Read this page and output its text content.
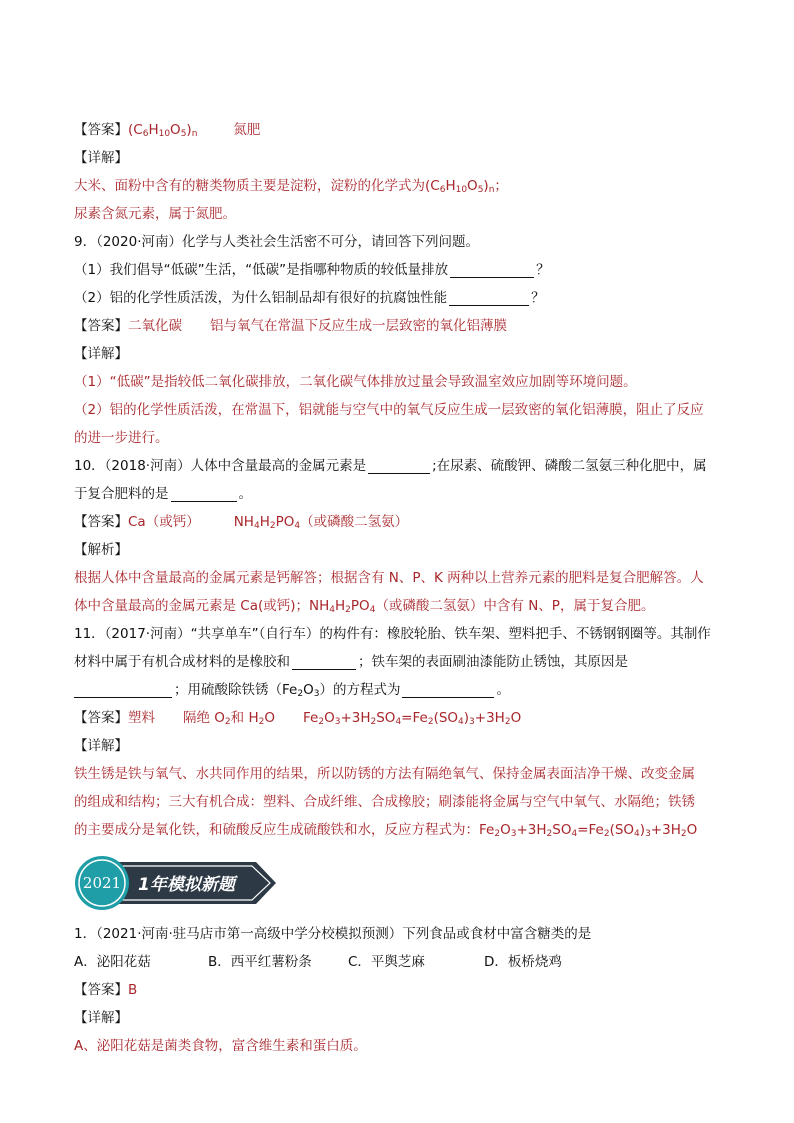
【答案】$(C_6H_{10}O_5)_n$	氮肥
【详解】
大米、面粉中含有的糖类物质主要是淀粉，淀粉的化学式为$(C_6H_{10}O_5)_n$；
尿素含氮元素，属于氮肥。
9．（2020·河南）化学与人类社会生活密不可分，请回答下列问题。
（1）我们倡导“低碳”生活，“低碳”是指哪种物质的较低量排放	？
（2）铝的化学性质活泼，为什么铝制品却有很好的抗腐蚀性能	？
【答案】二氧化碳 铝与氧气在常温下反应生成一层致密的氧化铝薄膜
【详解】
（1）“低碳”是指较低二氧化碳排放，二氧化碳气体排放过量会导致温室效应加剧等环境问题。
（2）铝的化学性质活泼，在常温下，铝就能与空气中的氧气反应生成一层致密的氧化铝薄膜，阻止了反应
的进一步进行。
10．（2018·河南）人体中含量最高的金属元素是	;在尿素、硫酸钾、磷酸二氢氨三种化肥中，属
于复合肥料的是	。
【答案】Ca（或钙）	$NH_4H_2PO_4$（或磷酸二氢氨）
【解析】
根据人体中含量最高的金属元素是钙解答；根据含有 N、P、K 两种以上营养元素的肥料是复合肥解答。人
体中含量最高的金属元素是 Ca(或钙)；$NH_4H_2PO_4$（或磷酸二氢氨）中含有 N、P，属于复合肥。
11．（2017·河南）“共享单车”（自行车）的构件有：橡胶轮胎、铁车架、塑料把手、不锈钢钢圈等。其制作
材料中属于有机合成材料的是橡胶和	；铁车架的表面刷油漆能防止锈蚀，其原因是
；用硫酸除铁锈$(Fe_2O_3)$的方程式为	。
【答案】塑料 隔绝 $O_2$和 $H_2O$ $Fe_2O_3+3H_2SO_4=Fe_2(SO_4)_3+3H_2O$
【详解】
铁生锈是铁与氧气、水共同作用的结果，所以防锈的方法有隔绝氧气、保持金属表面洁净干燥、改变金属
的组成和结构；三大有机合成：塑料、合成纤维、合成橡胶；刷漆能将金属与空气中氧气、水隔绝；铁锈
的主要成分是氧化铁，和硫酸反应生成硫酸铁和水，反应方程式为：$Fe_2O_3+3H_2SO_4=Fe_2(SO_4)_3+3H_2O$
2021 1年模拟新题
1．（2021·河南·驻马店市第一高级中学分校模拟预测）下列食品或食材中富含糖类的是
A．泌阳花菇	B．西平红薯粉条	C．平舆芝麻	D．板桥烧鸡
【答案】B
【详解】
A、泌阳花菇是菌类食物，富含维生素和蛋白质。
